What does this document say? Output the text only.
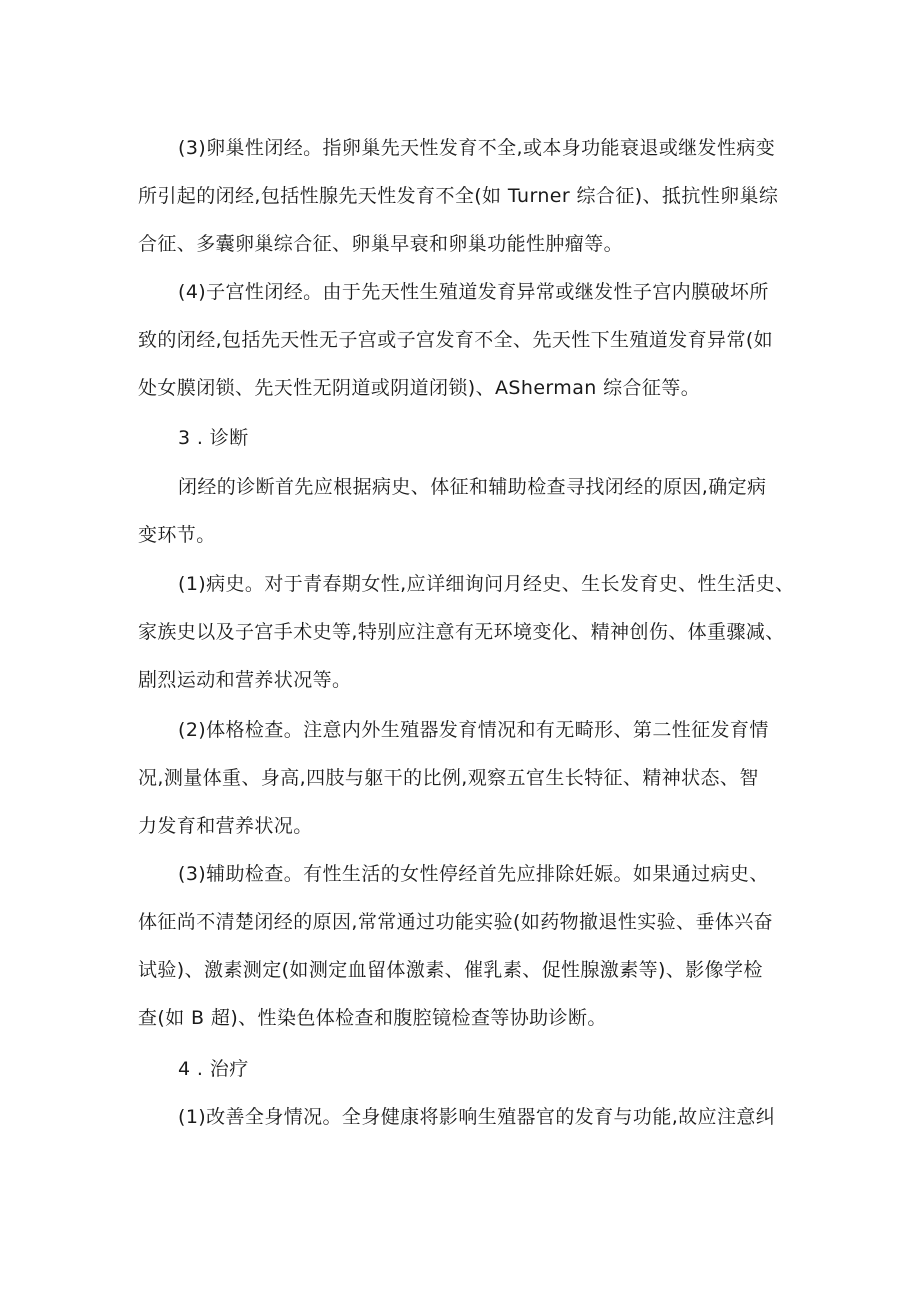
(3)卵巢性闭经。指卵巢先天性发育不全,或本身功能衰退或继发性病变
所引起的闭经,包括性腺先天性发育不全(如 Turner 综合征)、抵抗性卵巢综
合征、多囊卵巢综合征、卵巢早衰和卵巢功能性肿瘤等。
(4)子宫性闭经。由于先天性生殖道发育异常或继发性子宫内膜破坏所
致的闭经,包括先天性无子宫或子宫发育不全、先天性下生殖道发育异常(如
处女膜闭锁、先天性无阴道或阴道闭锁)、ASherman 综合征等。
3 . 诊断
闭经的诊断首先应根据病史、体征和辅助检查寻找闭经的原因,确定病
变环节。
(1)病史。对于青春期女性,应详细询问月经史、生长发育史、性生活史、
家族史以及子宫手术史等,特别应注意有无环境变化、精神创伤、体重骤减、
剧烈运动和营养状况等。
(2)体格检查。注意内外生殖器发育情况和有无畸形、第二性征发育情
况,测量体重、身高,四肢与躯干的比例,观察五官生长特征、精神状态、智
力发育和营养状况。
(3)辅助检查。有性生活的女性停经首先应排除妊娠。如果通过病史、
体征尚不清楚闭经的原因,常常通过功能实验(如药物撤退性实验、垂体兴奋
试验)、激素测定(如测定血留体激素、催乳素、促性腺激素等)、影像学检
查(如 B 超)、性染色体检查和腹腔镜检查等协助诊断。
4 . 治疗
(1)改善全身情况。全身健康将影响生殖器官的发育与功能,故应注意纠
